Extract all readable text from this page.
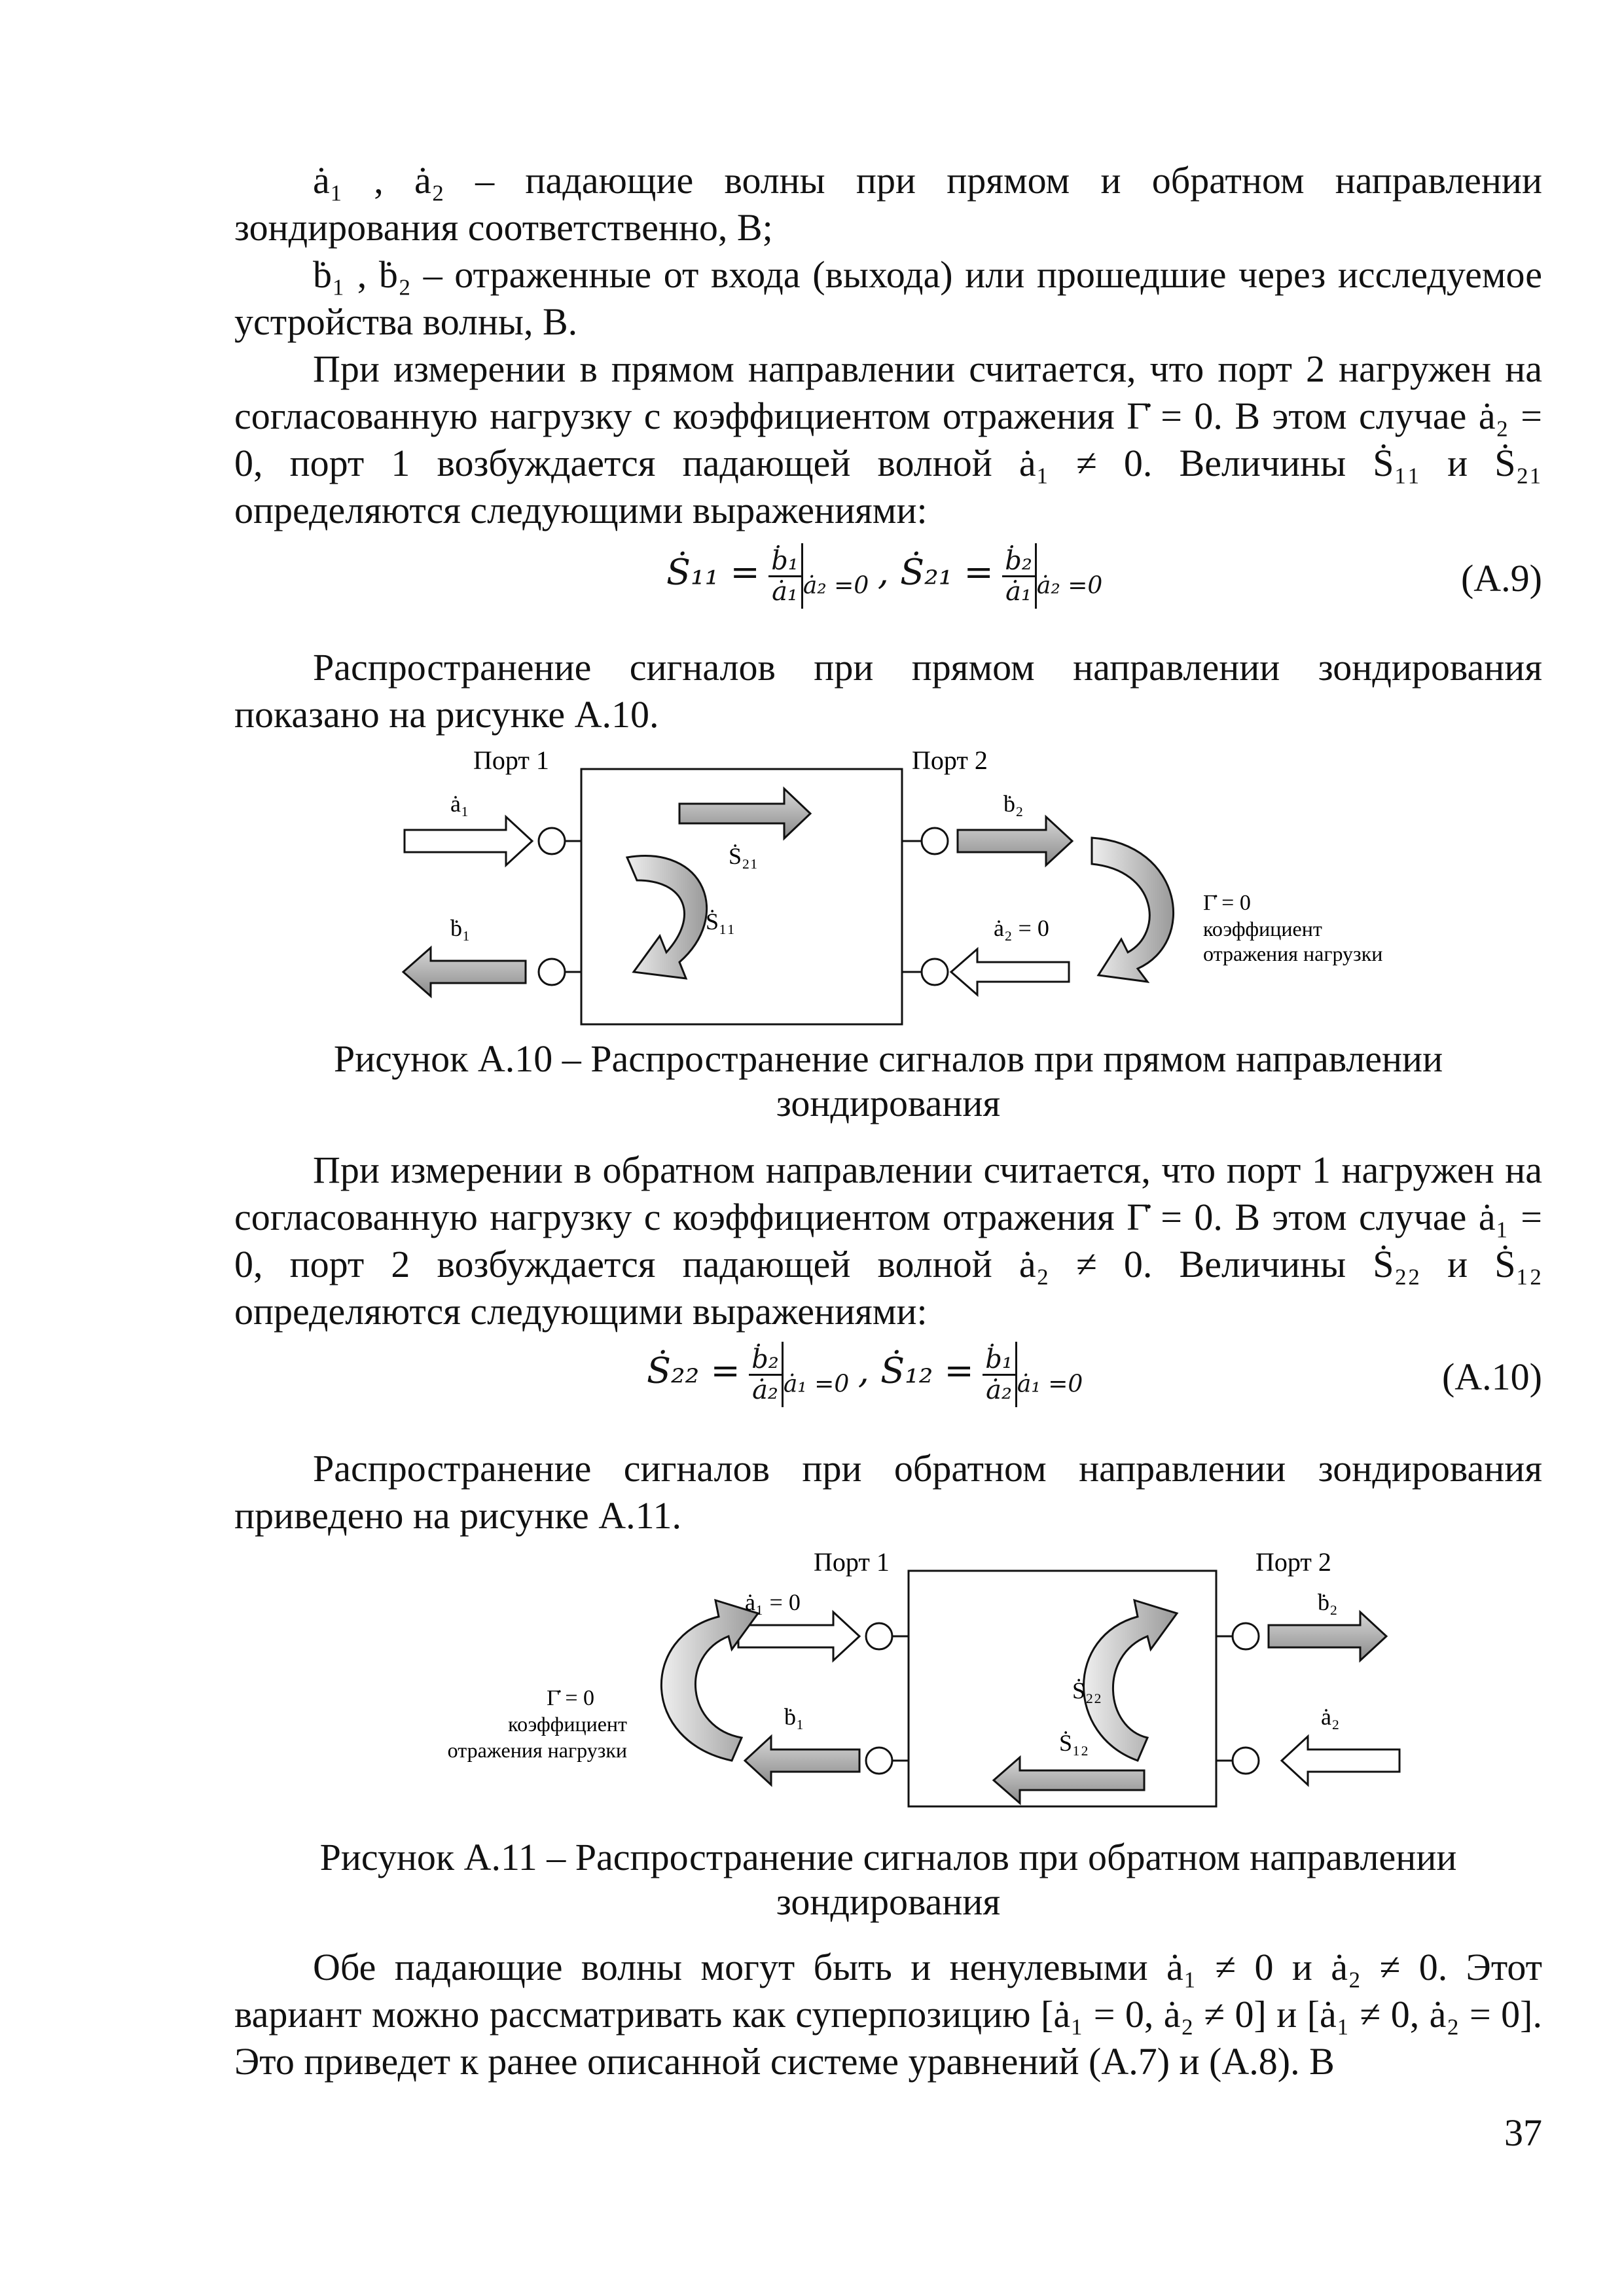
ȧ₁ , ȧ₂ – падающие волны при прямом и обратном направлении зондирования соответственно, В;

ḃ₁ , ḃ₂ – отраженные от входа (выхода) или прошедшие через исследуемое устройства волны, В.

При измерении в прямом направлении считается, что порт 2 нагружен на согласованную нагрузку с коэффициентом отражения Γ̇ = 0. В этом случае ȧ₂ = 0, порт 1 возбуждается падающей волной ȧ₁ ≠ 0. Величины Ṡ₁₁ и Ṡ₂₁ определяются следующими выражениями:

Ṡ₁₁ = $\frac{\text{ḃ₁}}{\text{ȧ₁}} _{ȧ_2 =0}$ , Ṡ₂₁ = $\frac{\text{ḃ₂}}{\text{ȧ₁}} _{ȧ_2 =0}$	(А.9)

Распространение сигналов при прямом направлении зондирования показано на рисунке А.10.

Порт 1	Порт 2
ȧ₁
ḃ₁
ḃ₂
ȧ₂ = 0
Ṡ₂₁
Ṡ₁₁
Γ̇ = 0
коэффициент
отражения нагрузки

Рисунок А.10 – Распространение сигналов при прямом направлении зондирования

При измерении в обратном направлении считается, что порт 1 нагружен на согласованную нагрузку с коэффициентом отражения Γ̇ = 0. В этом случае ȧ₁ = 0, порт 2 возбуждается падающей волной ȧ₂ ≠ 0. Величины Ṡ₂₂ и Ṡ₁₂ определяются следующими выражениями:

Ṡ₂₂ = $\frac{\text{ḃ₂}}{\text{ȧ₂}} _{ȧ_1 =0}$ , Ṡ₁₂ = $\frac{\text{ḃ₁}}{\text{ȧ₂}} _{ȧ_1 =0}$	(А.10)

Распространение сигналов при обратном направлении зондирования приведено на рисунке А.11.

Порт 1	Порт 2
ȧ₁ = 0
ḃ₁
ḃ₂
ȧ₂
Ṡ₂₂
Ṡ₁₂
Γ̇ = 0
коэффициент
отражения нагрузки

Рисунок А.11 – Распространение сигналов при обратном направлении зондирования

Обе падающие волны могут быть и ненулевыми ȧ₁ ≠ 0 и ȧ₂ ≠ 0. Этот вариант можно рассматривать как суперпозицию [ȧ₁ = 0, ȧ₂ ≠ 0] и [ȧ₁ ≠ 0, ȧ₂ = 0]. Это приведет к ранее описанной системе уравнений (А.7) и (А.8). В

37
